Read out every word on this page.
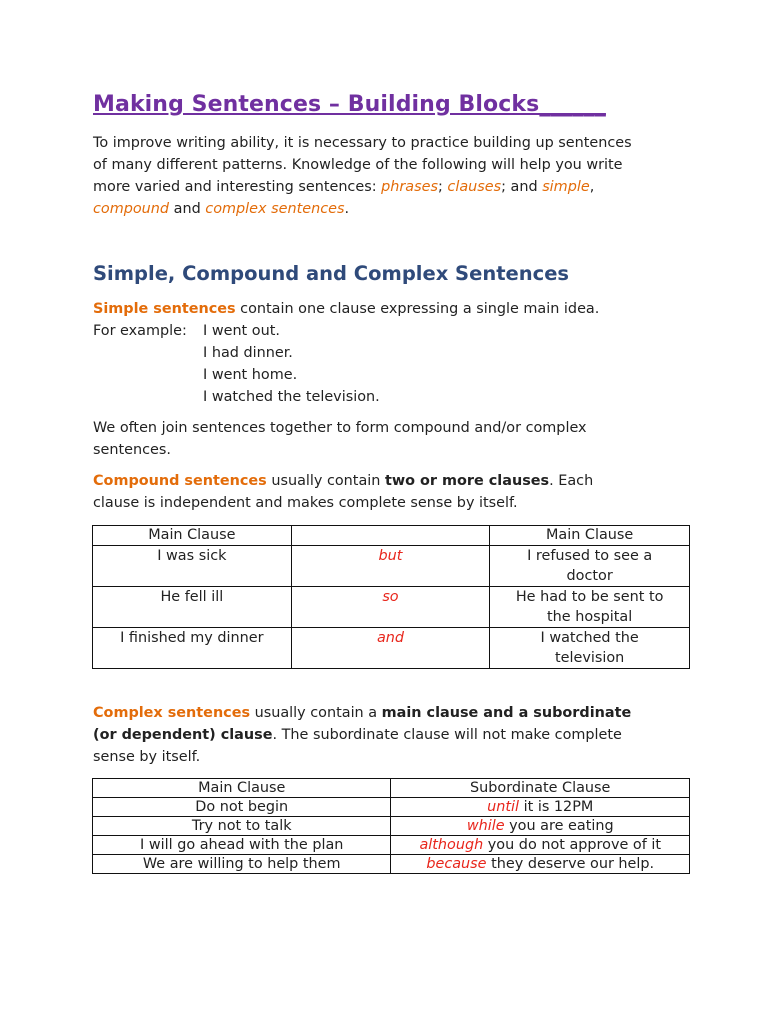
Making Sentences – Building Blocks______

To improve writing ability, it is necessary to practice building up sentences
of many different patterns. Knowledge of the following will help you write
more varied and interesting sentences: phrases; clauses; and simple,
compound and complex sentences.

Simple, Compound and Complex Sentences

Simple sentences contain one clause expressing a single main idea.

For example: I went out.
I had dinner.
I went home.
I watched the television.

We often join sentences together to form compound and/or complex
sentences.

Compound sentences usually contain two or more clauses. Each
clause is independent and makes complete sense by itself.

Main Clause		Main Clause
I was sick	but	I refused to see a
doctor
He fell ill	so	He had to be sent to
the hospital
I finished my dinner	and	I watched the
television

Complex sentences usually contain a main clause and a subordinate
(or dependent) clause. The subordinate clause will not make complete
sense by itself.

Main Clause	Subordinate Clause
Do not begin	until it is 12PM
Try not to talk	while you are eating
I will go ahead with the plan	although you do not approve of it
We are willing to help them	because they deserve our help.
